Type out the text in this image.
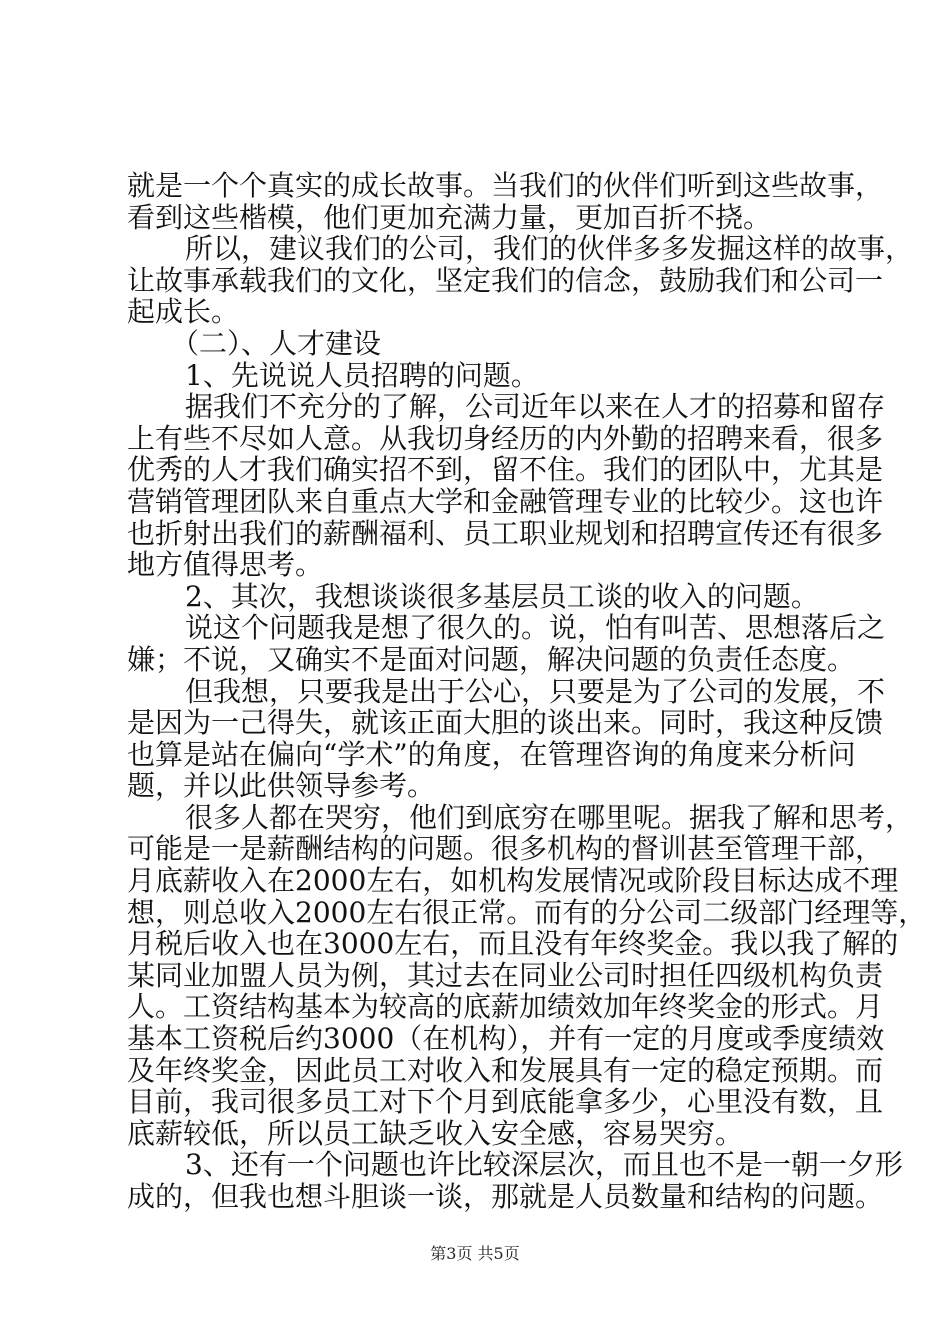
就是一个个真实的成长故事。当我们的伙伴们听到这些故事，
看到这些楷模，他们更加充满力量，更加百折不挠。
所以，建议我们的公司，我们的伙伴多多发掘这样的故事，
让故事承载我们的文化，坚定我们的信念，鼓励我们和公司一
起成长。
（二）、人才建设
1、先说说人员招聘的问题。
据我们不充分的了解，公司近年以来在人才的招募和留存
上有些不尽如人意。从我切身经历的内外勤的招聘来看，很多
优秀的人才我们确实招不到，留不住。我们的团队中，尤其是
营销管理团队来自重点大学和金融管理专业的比较少。这也许
也折射出我们的薪酬福利、员工职业规划和招聘宣传还有很多
地方值得思考。
2、其次，我想谈谈很多基层员工谈的收入的问题。
说这个问题我是想了很久的。说，怕有叫苦、思想落后之
嫌；不说，又确实不是面对问题，解决问题的负责任态度。
但我想，只要我是出于公心，只要是为了公司的发展，不
是因为一己得失，就该正面大胆的谈出来。同时，我这种反馈
也算是站在偏向“学术”的角度，在管理咨询的角度来分析问
题，并以此供领导参考。
很多人都在哭穷，他们到底穷在哪里呢。据我了解和思考，
可能是一是薪酬结构的问题。很多机构的督训甚至管理干部，
月底薪收入在2000左右，如机构发展情况或阶段目标达成不理
想，则总收入2000左右很正常。而有的分公司二级部门经理等，
月税后收入也在3000左右，而且没有年终奖金。我以我了解的
某同业加盟人员为例，其过去在同业公司时担任四级机构负责
人。工资结构基本为较高的底薪加绩效加年终奖金的形式。月
基本工资税后约3000（在机构），并有一定的月度或季度绩效
及年终奖金，因此员工对收入和发展具有一定的稳定预期。而
目前，我司很多员工对下个月到底能拿多少，心里没有数，且
底薪较低，所以员工缺乏收入安全感，容易哭穷。
3、还有一个问题也许比较深层次，而且也不是一朝一夕形
成的，但我也想斗胆谈一谈，那就是人员数量和结构的问题。
第3页 共5页
